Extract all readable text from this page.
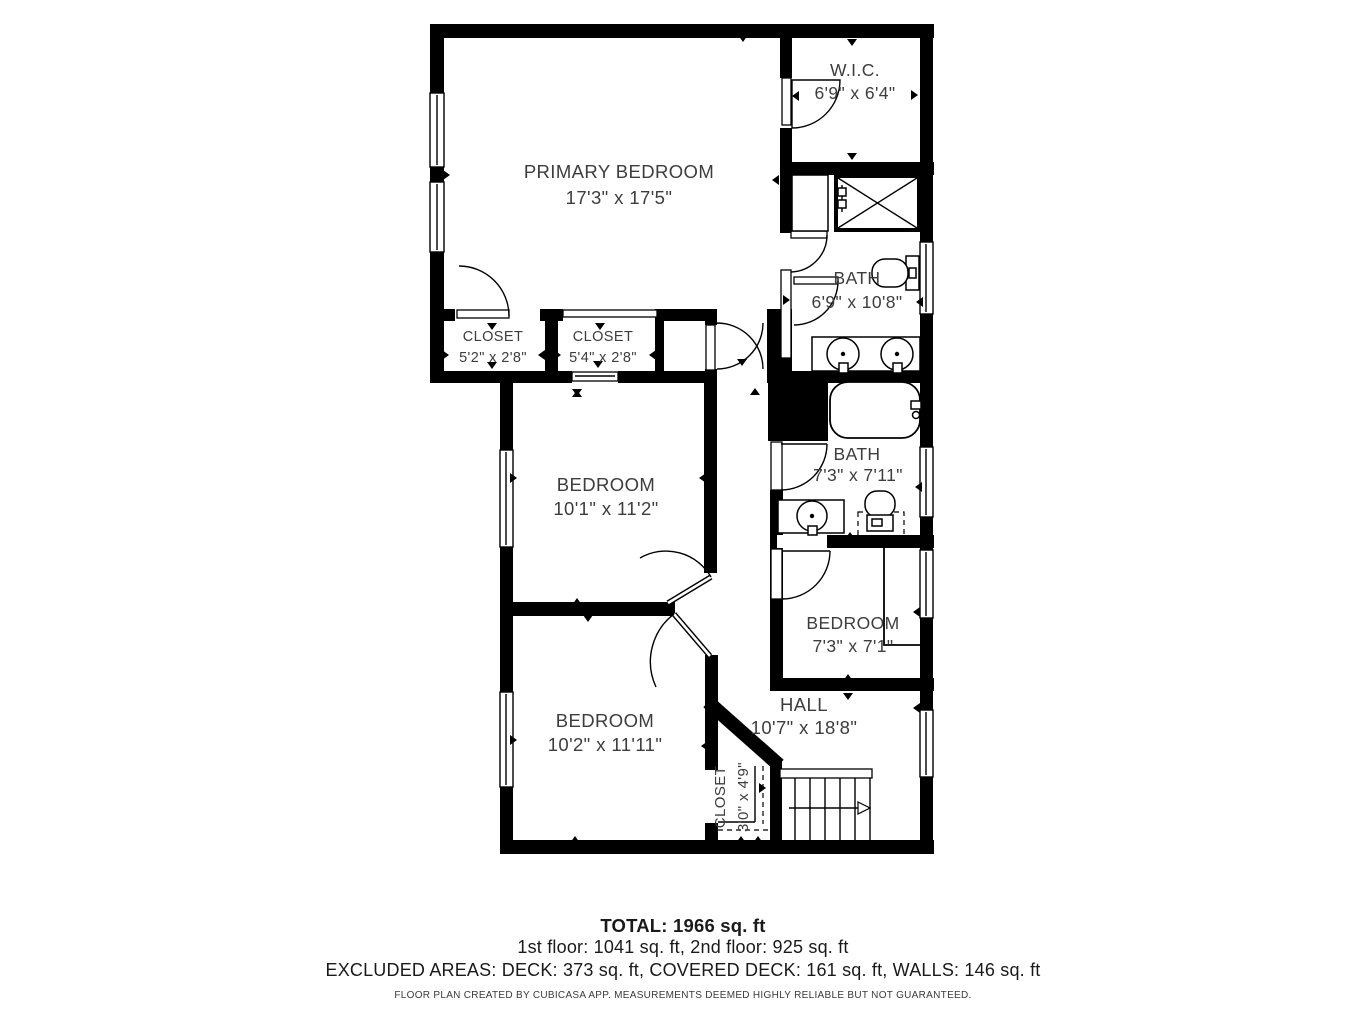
PRIMARY BEDROOM
17'3" x 17'5"
W.I.C.
6'9" x 6'4"
BATH
6'9" x 10'8"
CLOSET
5'2" x 2'8"
CLOSET
5'4" x 2'8"
BEDROOM
10'1" x 11'2"
BATH
7'3" x 7'11"
BEDROOM
7'3" x 7'1"
BEDROOM
10'2" x 11'11"
HALL
10'7" x 18'8"
CLOSET 3'0" x 4'9"
TOTAL: 1966 sq. ft
1st floor: 1041 sq. ft, 2nd floor: 925 sq. ft
EXCLUDED AREAS: DECK: 373 sq. ft, COVERED DECK: 161 sq. ft, WALLS: 146 sq. ft
FLOOR PLAN CREATED BY CUBICASA APP. MEASUREMENTS DEEMED HIGHLY RELIABLE BUT NOT GUARANTEED.
